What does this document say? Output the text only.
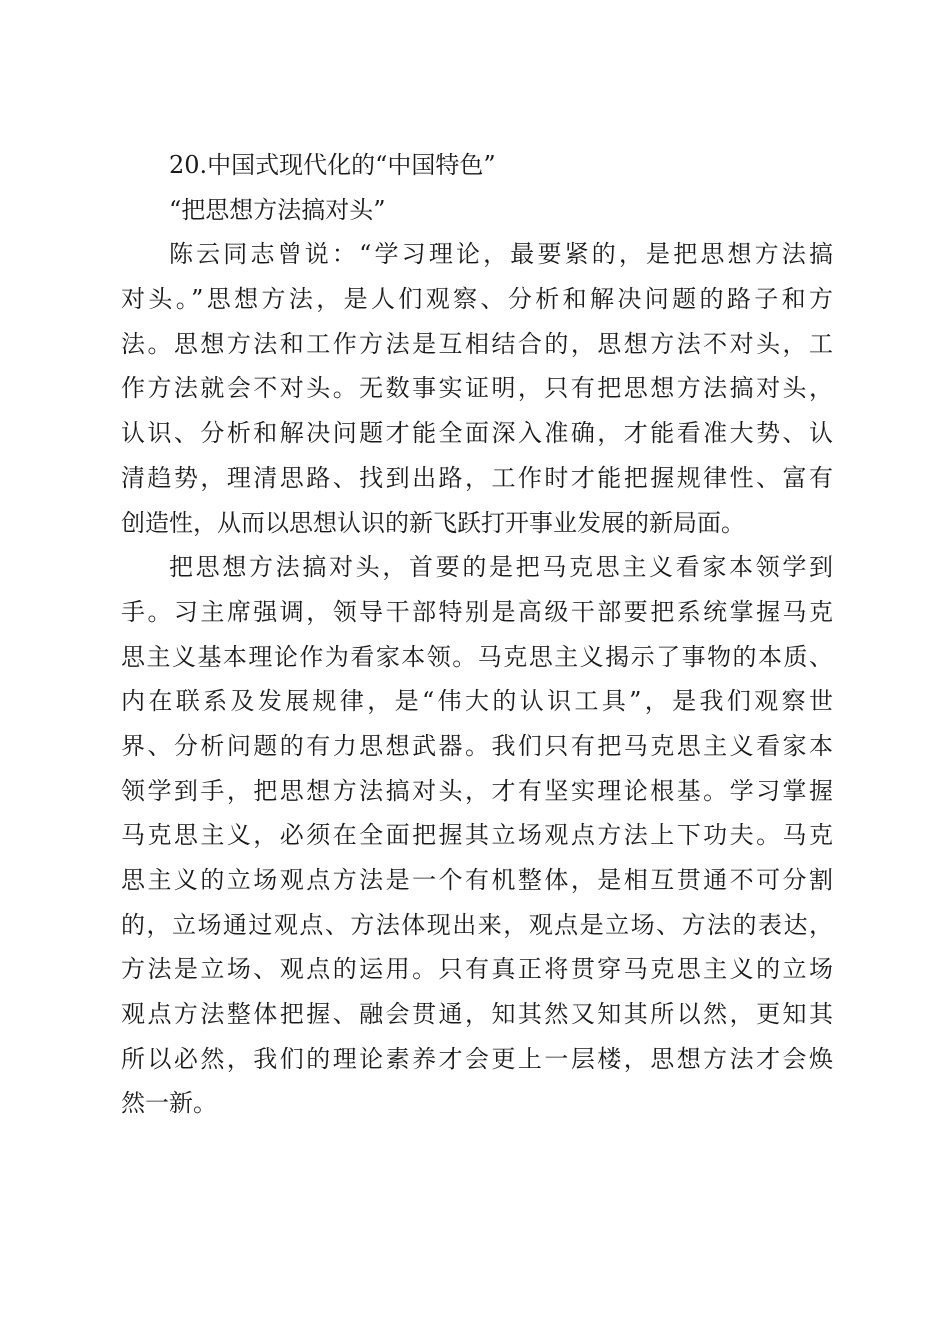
20.中国式现代化的“中国特色”
“把思想方法搞对头”
陈云同志曾说：“学习理论，最要紧的，是把思想方法搞
对头。”思想方法，是人们观察、分析和解决问题的路子和方
法。思想方法和工作方法是互相结合的，思想方法不对头，工
作方法就会不对头。无数事实证明，只有把思想方法搞对头，
认识、分析和解决问题才能全面深入准确，才能看准大势、认
清趋势，理清思路、找到出路，工作时才能把握规律性、富有
创造性，从而以思想认识的新飞跃打开事业发展的新局面。
把思想方法搞对头，首要的是把马克思主义看家本领学到
手。习主席强调，领导干部特别是高级干部要把系统掌握马克
思主义基本理论作为看家本领。马克思主义揭示了事物的本质、
内在联系及发展规律，是“伟大的认识工具”，是我们观察世
界、分析问题的有力思想武器。我们只有把马克思主义看家本
领学到手，把思想方法搞对头，才有坚实理论根基。学习掌握
马克思主义，必须在全面把握其立场观点方法上下功夫。马克
思主义的立场观点方法是一个有机整体，是相互贯通不可分割
的，立场通过观点、方法体现出来，观点是立场、方法的表达，
方法是立场、观点的运用。只有真正将贯穿马克思主义的立场
观点方法整体把握、融会贯通，知其然又知其所以然，更知其
所以必然，我们的理论素养才会更上一层楼，思想方法才会焕
然一新。
